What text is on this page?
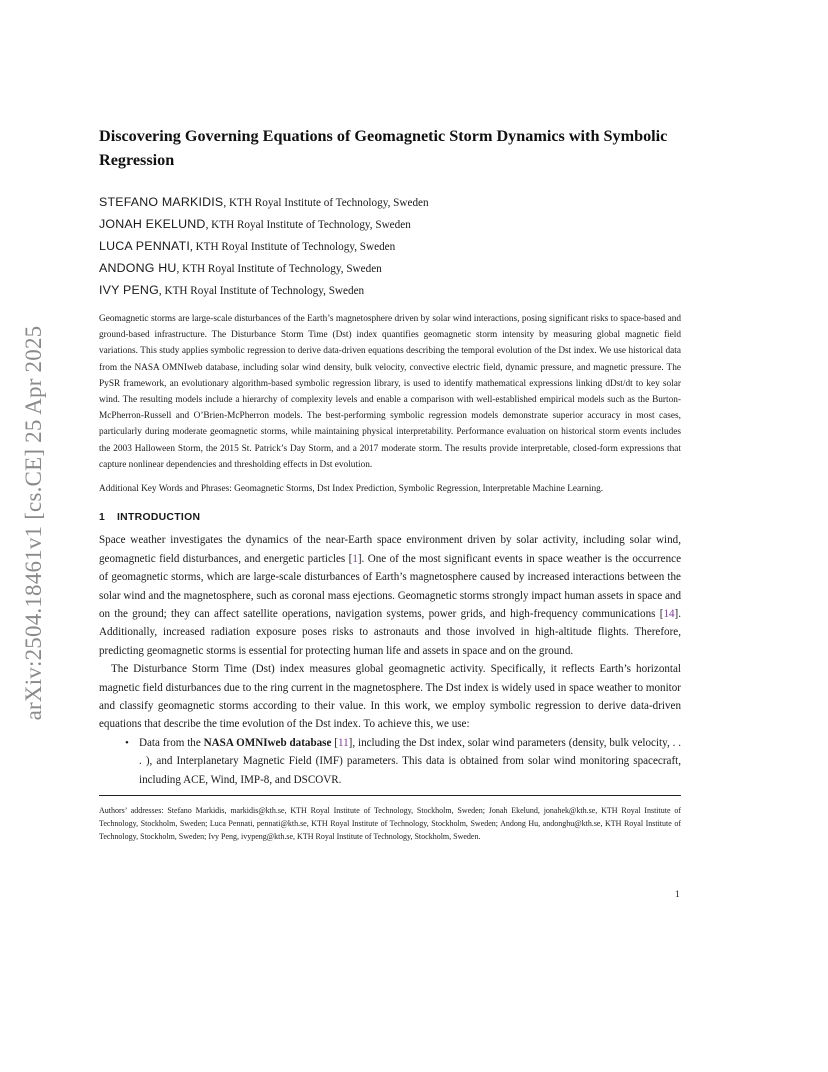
arXiv:2504.18461v1 [cs.CE] 25 Apr 2025
Discovering Governing Equations of Geomagnetic Storm Dynamics with Symbolic Regression
STEFANO MARKIDIS, KTH Royal Institute of Technology, Sweden
JONAH EKELUND, KTH Royal Institute of Technology, Sweden
LUCA PENNATI, KTH Royal Institute of Technology, Sweden
ANDONG HU, KTH Royal Institute of Technology, Sweden
IVY PENG, KTH Royal Institute of Technology, Sweden

Geomagnetic storms are large-scale disturbances of the Earth’s magnetosphere driven by solar wind interactions, posing significant risks to space-based and ground-based infrastructure. The Disturbance Storm Time (Dst) index quantifies geomagnetic storm intensity by measuring global magnetic field variations. This study applies symbolic regression to derive data-driven equations describing the temporal evolution of the Dst index. We use historical data from the NASA OMNIweb database, including solar wind density, bulk velocity, convective electric field, dynamic pressure, and magnetic pressure. The PySR framework, an evolutionary algorithm-based symbolic regression library, is used to identify mathematical expressions linking dDst/dt to key solar wind. The resulting models include a hierarchy of complexity levels and enable a comparison with well-established empirical models such as the Burton-McPherron-Russell and O’Brien-McPherron models. The best-performing symbolic regression models demonstrate superior accuracy in most cases, particularly during moderate geomagnetic storms, while maintaining physical interpretability. Performance evaluation on historical storm events includes the 2003 Halloween Storm, the 2015 St. Patrick’s Day Storm, and a 2017 moderate storm. The results provide interpretable, closed-form expressions that capture nonlinear dependencies and thresholding effects in Dst evolution.

Additional Key Words and Phrases: Geomagnetic Storms, Dst Index Prediction, Symbolic Regression, Interpretable Machine Learning.
1 INTRODUCTION

Space weather investigates the dynamics of the near-Earth space environment driven by solar activity, including solar wind, geomagnetic field disturbances, and energetic particles [1]. One of the most significant events in space weather is the occurrence of geomagnetic storms, which are large-scale disturbances of Earth’s magnetosphere caused by increased interactions between the solar wind and the magnetosphere, such as coronal mass ejections. Geomagnetic storms strongly impact human assets in space and on the ground; they can affect satellite operations, navigation systems, power grids, and high-frequency communications [14]. Additionally, increased radiation exposure poses risks to astronauts and those involved in high-altitude flights. Therefore, predicting geomagnetic storms is essential for protecting human life and assets in space and on the ground.

The Disturbance Storm Time (Dst) index measures global geomagnetic activity. Specifically, it reflects Earth’s horizontal magnetic field disturbances due to the ring current in the magnetosphere. The Dst index is widely used in space weather to monitor and classify geomagnetic storms according to their value. In this work, we employ symbolic regression to derive data-driven equations that describe the time evolution of the Dst index. To achieve this, we use:

• Data from the NASA OMNIweb database [11], including the Dst index, solar wind parameters (density, bulk velocity, . . . ), and Interplanetary Magnetic Field (IMF) parameters. This data is obtained from solar wind monitoring spacecraft, including ACE, Wind, IMP-8, and DSCOVR.

Authors’ addresses: Stefano Markidis, markidis@kth.se, KTH Royal Institute of Technology, Stockholm, Sweden; Jonah Ekelund, jonahek@kth.se, KTH Royal Institute of Technology, Stockholm, Sweden; Luca Pennati, pennati@kth.se, KTH Royal Institute of Technology, Stockholm, Sweden; Andong Hu, andonghu@kth.se, KTH Royal Institute of Technology, Stockholm, Sweden; Ivy Peng, ivypeng@kth.se, KTH Royal Institute of Technology, Stockholm, Sweden.

1
